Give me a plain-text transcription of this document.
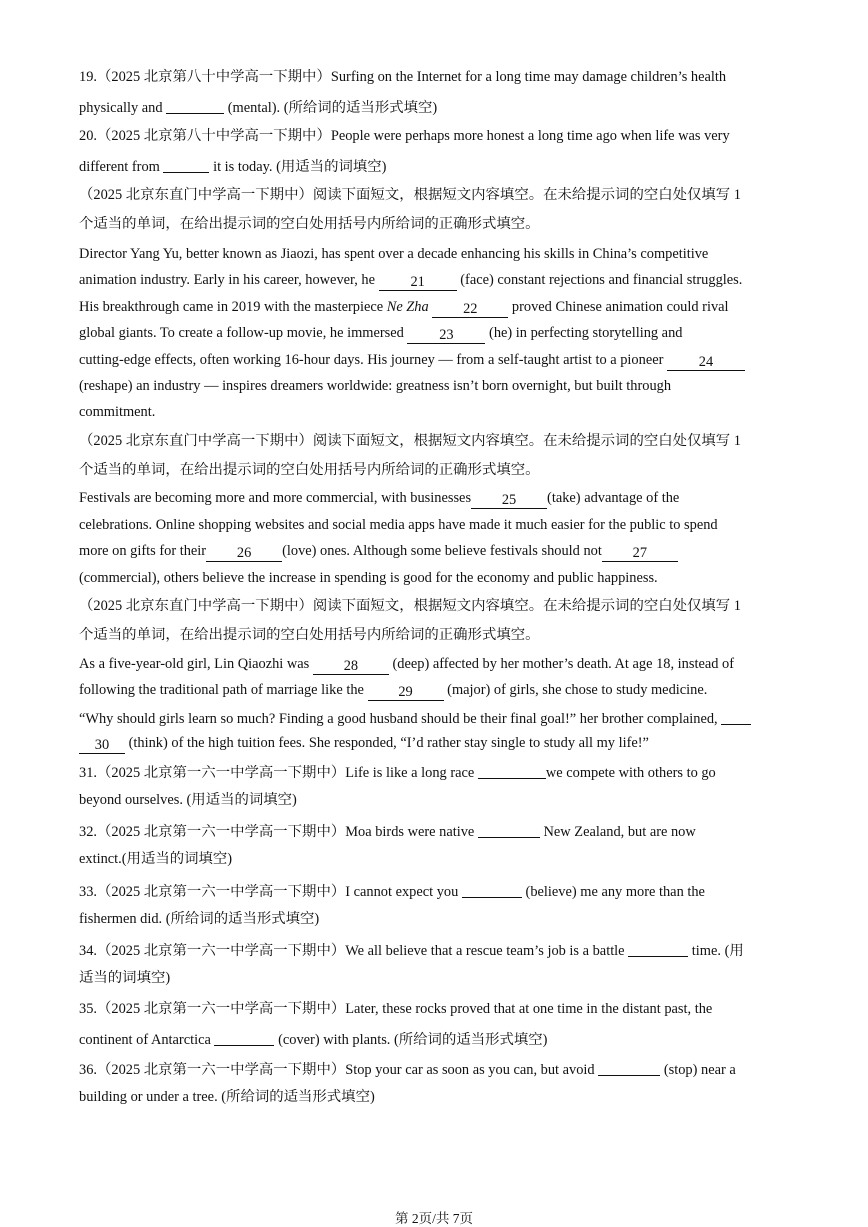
19.（2025 北京第八十中学高一下期中）Surfing on the Internet for a long time may damage children’s health
physically and	(mental). (所给词的适当形式填空)
20.（2025 北京第八十中学高一下期中）People were perhaps more honest a long time ago when life was very
different from	it is today. (用适当的词填空)
（2025 北京东直门中学高一下期中）阅读下面短文，根据短文内容填空。在未给提示词的空白处仅填写 1
个适当的单词，在给出提示词的空白处用括号内所给词的正确形式填空。
Director Yang Yu, better known as Jiaozi, has spent over a decade enhancing his skills in China’s competitive
animation industry. Early in his career, however, he 21 (face) constant rejections and financial struggles.
His breakthrough came in 2019 with the masterpiece Ne Zha 22 proved Chinese animation could rival
global giants. To create a follow-up movie, he immersed 23 (he) in perfecting storytelling and
cutting-edge effects, often working 16-hour days. His journey — from a self-taught artist to a pioneer 24
(reshape) an industry — inspires dreamers worldwide: greatness isn’t born overnight, but built through
commitment.
（2025 北京东直门中学高一下期中）阅读下面短文，根据短文内容填空。在未给提示词的空白处仅填写 1
个适当的单词，在给出提示词的空白处用括号内所给词的正确形式填空。
Festivals are becoming more and more commercial, with businesses 25 (take) advantage of the
celebrations. Online shopping websites and social media apps have made it much easier for the public to spend
more on gifts for their 26 (love) ones. Although some believe festivals should not 27
(commercial), others believe the increase in spending is good for the economy and public happiness.
（2025 北京东直门中学高一下期中）阅读下面短文，根据短文内容填空。在未给提示词的空白处仅填写 1
个适当的单词，在给出提示词的空白处用括号内所给词的正确形式填空。
As a five-year-old girl, Lin Qiaozhi was 28 (deep) affected by her mother’s death. At age 18, instead of
following the traditional path of marriage like the 29 (major) of girls, she chose to study medicine.
“Why should girls learn so much? Finding a good husband should be their final goal!” her brother complained,
30 (think) of the high tuition fees. She responded, “I’d rather stay single to study all my life!”
31.（2025 北京第一六一中学高一下期中）Life is like a long race	we compete with others to go
beyond ourselves. (用适当的词填空)
32.（2025 北京第一六一中学高一下期中）Moa birds were native	New Zealand, but are now
extinct.(用适当的词填空)
33.（2025 北京第一六一中学高一下期中）I cannot expect you	(believe) me any more than the
fishermen did. (所给词的适当形式填空)
34.（2025 北京第一六一中学高一下期中）We all believe that a rescue team’s job is a battle	time. (用
适当的词填空)
35.（2025 北京第一六一中学高一下期中）Later, these rocks proved that at one time in the distant past, the
continent of Antarctica	(cover) with plants. (所给词的适当形式填空)
36.（2025 北京第一六一中学高一下期中）Stop your car as soon as you can, but avoid	(stop) near a
building or under a tree. (所给词的适当形式填空)
第 2页/共 7页
